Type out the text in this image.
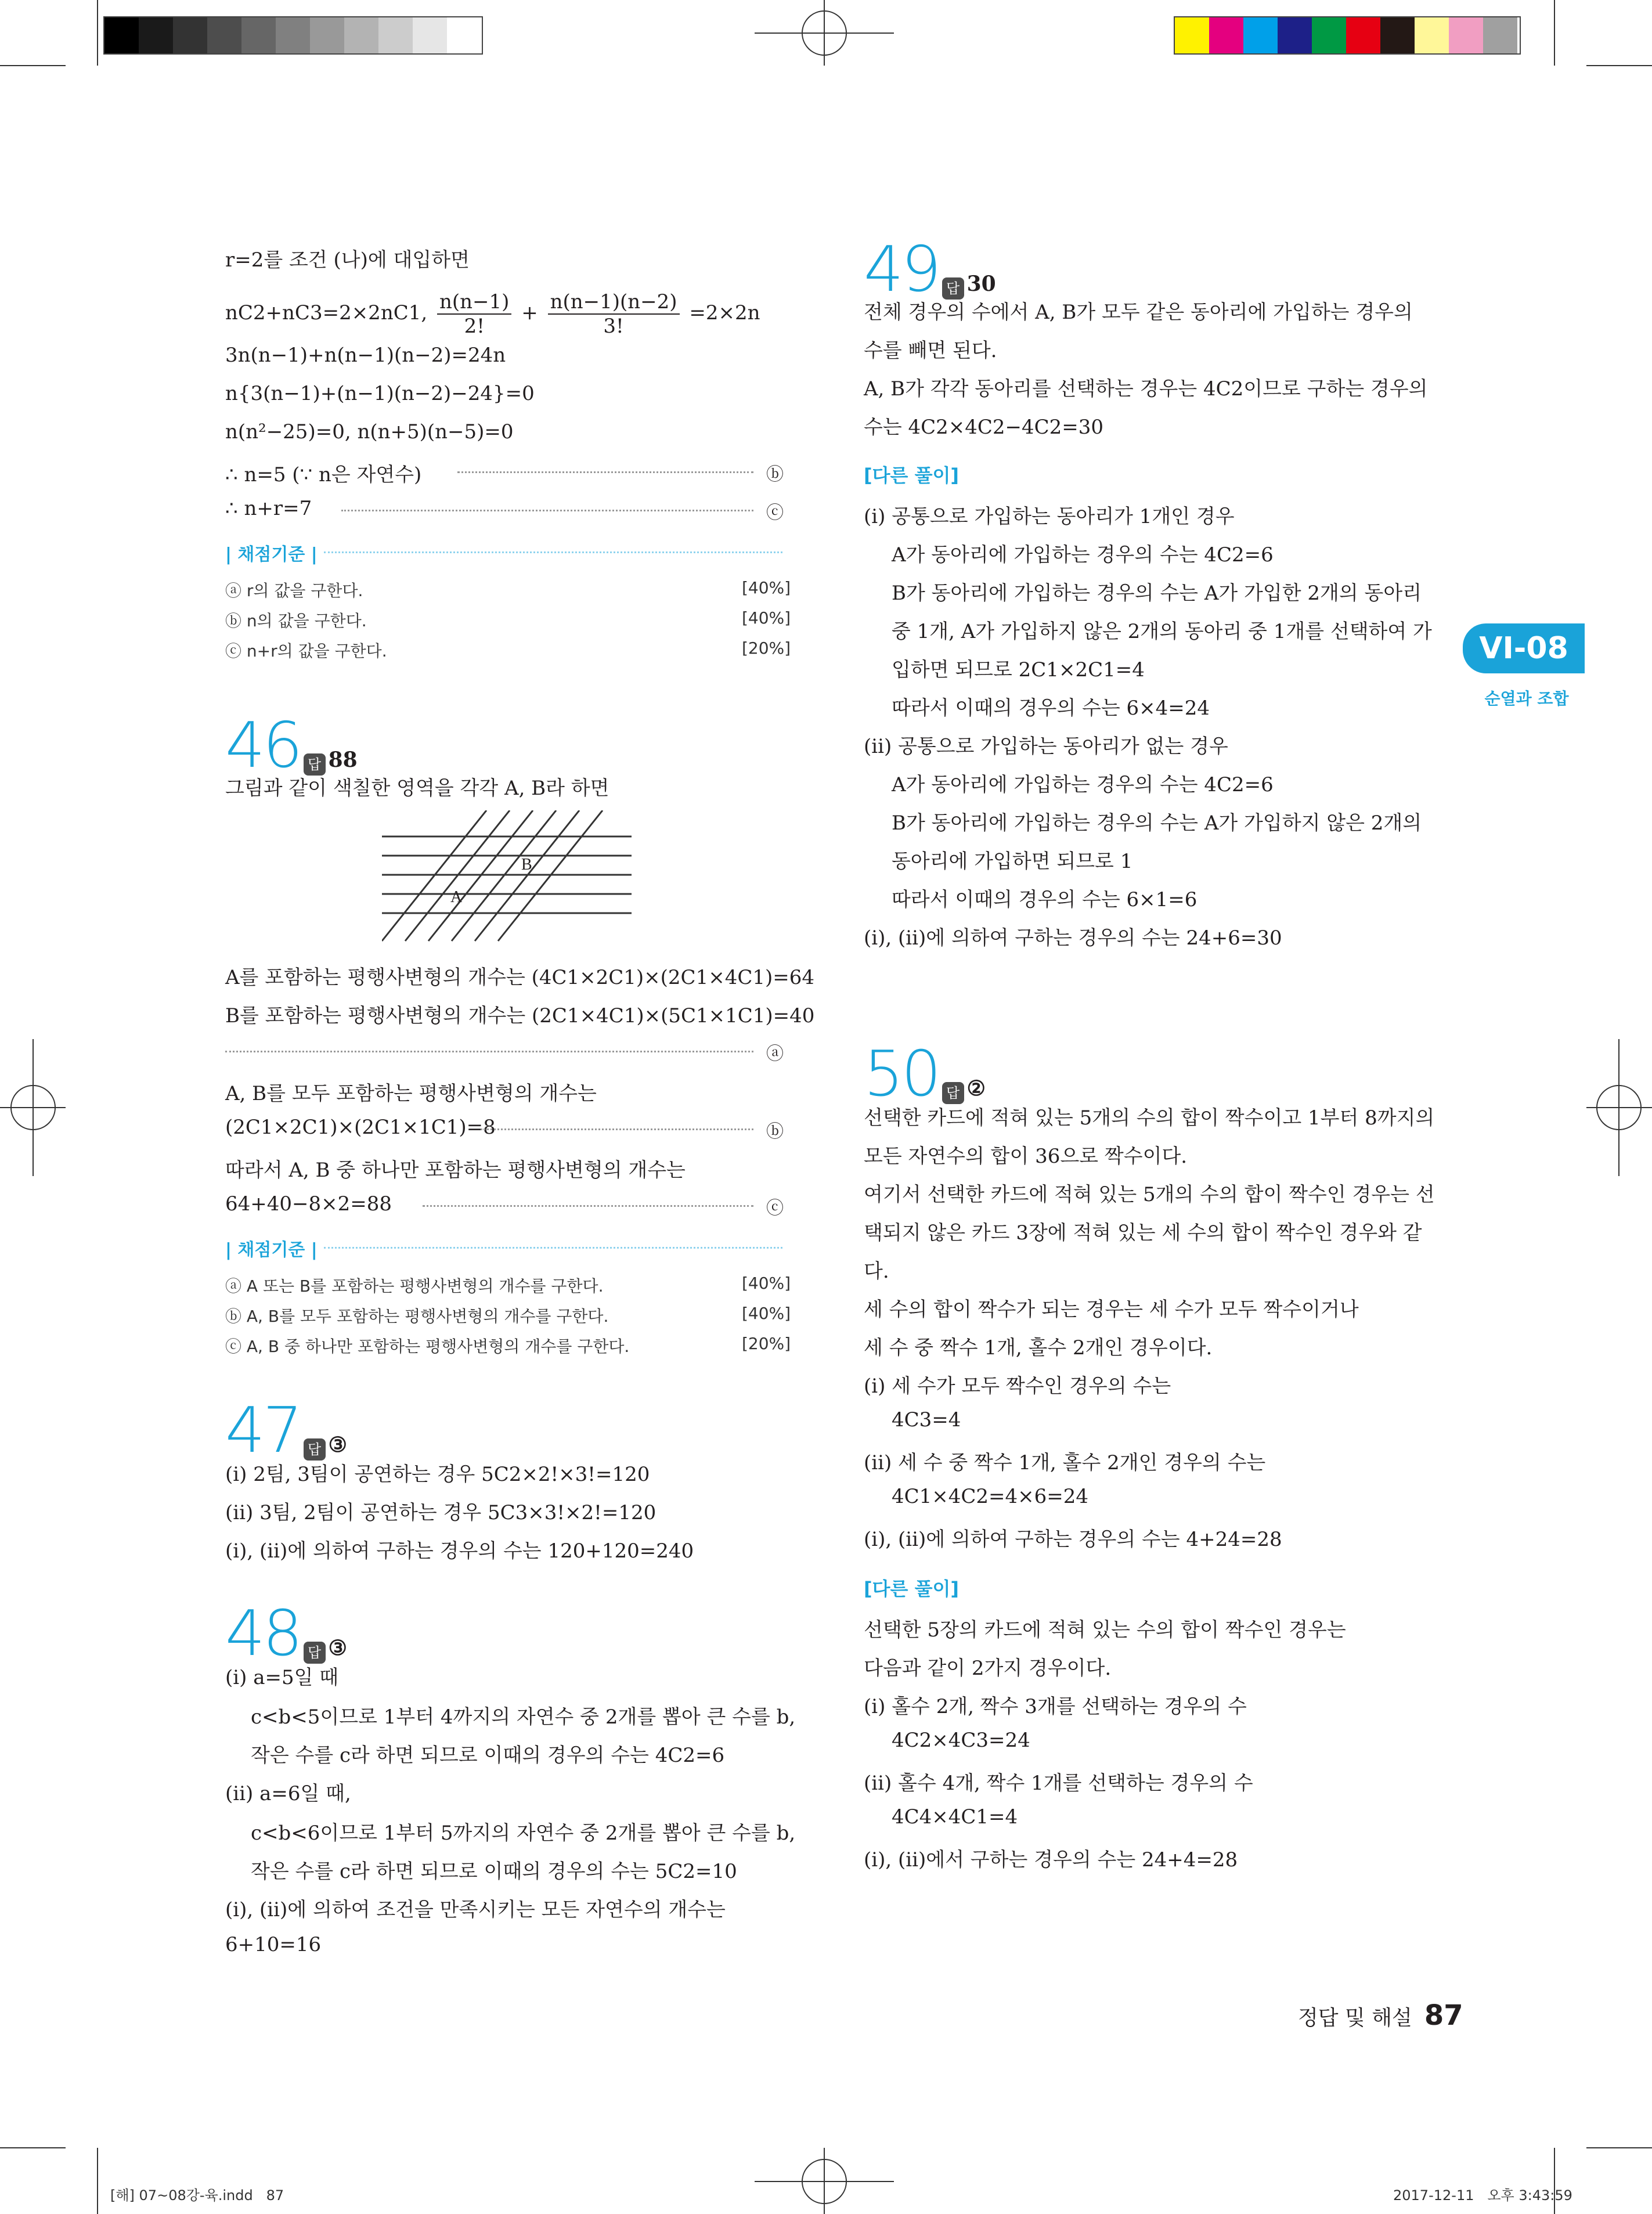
VI-08
순열과 조합
r=2를 조건 (나)에 대입하면
nC2+nC3=2×2nC1, $\frac{n(n-1)}{2!} + \frac{n(n-1)(n-2)}{3!} =2\times 2n$
3n(n−1)+n(n−1)(n−2)=24n
n{3(n−1)+(n−1)(n−2)−24}=0
n(n²−25)=0, n(n+5)(n−5)=0
∴ n=5 (∵ n은 자연수)	ⓑ
∴ n+r=7	ⓒ
| 채점기준 |
ⓐ r의 값을 구한다.	[40%]
ⓑ n의 값을 구한다.	[40%]
ⓒ n+r의 값을 구한다.	[20%]
46 답 88
그림과 같이 색칠한 영역을 각각 A, B라 하면
A
B
A를 포함하는 평행사변형의 개수는 (4C1×2C1)×(2C1×4C1)=64
B를 포함하는 평행사변형의 개수는 (2C1×4C1)×(5C1×1C1)=40
ⓐ
A, B를 모두 포함하는 평행사변형의 개수는
(2C1×2C1)×(2C1×1C1)=8	ⓑ
따라서 A, B 중 하나만 포함하는 평행사변형의 개수는
64+40−8×2=88	ⓒ
| 채점기준 |
ⓐ A 또는 B를 포함하는 평행사변형의 개수를 구한다.	[40%]
ⓑ A, B를 모두 포함하는 평행사변형의 개수를 구한다.	[40%]
ⓒ A, B 중 하나만 포함하는 평행사변형의 개수를 구한다.	[20%]
47 답 ③
(ⅰ) 2팀, 3팀이 공연하는 경우 5C2×2!×3!=120
(ⅱ) 3팀, 2팀이 공연하는 경우 5C3×3!×2!=120
(ⅰ), (ⅱ)에 의하여 구하는 경우의 수는 120+120=240
48 답 ③
(ⅰ) a=5일 때
c<b<5이므로 1부터 4까지의 자연수 중 2개를 뽑아 큰 수를 b,
작은 수를 c라 하면 되므로 이때의 경우의 수는 4C2=6
(ⅱ) a=6일 때,
c<b<6이므로 1부터 5까지의 자연수 중 2개를 뽑아 큰 수를 b,
작은 수를 c라 하면 되므로 이때의 경우의 수는 5C2=10
(ⅰ), (ⅱ)에 의하여 조건을 만족시키는 모든 자연수의 개수는
6+10=16
49 답 30
전체 경우의 수에서 A, B가 모두 같은 동아리에 가입하는 경우의
수를 빼면 된다.
A, B가 각각 동아리를 선택하는 경우는 4C2이므로 구하는 경우의
수는 4C2×4C2−4C2=30
[다른 풀이]
(ⅰ) 공통으로 가입하는 동아리가 1개인 경우
A가 동아리에 가입하는 경우의 수는 4C2=6
B가 동아리에 가입하는 경우의 수는 A가 가입한 2개의 동아리
중 1개, A가 가입하지 않은 2개의 동아리 중 1개를 선택하여 가
입하면 되므로 2C1×2C1=4
따라서 이때의 경우의 수는 6×4=24
(ⅱ) 공통으로 가입하는 동아리가 없는 경우
A가 동아리에 가입하는 경우의 수는 4C2=6
B가 동아리에 가입하는 경우의 수는 A가 가입하지 않은 2개의
동아리에 가입하면 되므로 1
따라서 이때의 경우의 수는 6×1=6
(ⅰ), (ⅱ)에 의하여 구하는 경우의 수는 24+6=30
50 답 ②
선택한 카드에 적혀 있는 5개의 수의 합이 짝수이고 1부터 8까지의
모든 자연수의 합이 36으로 짝수이다.
여기서 선택한 카드에 적혀 있는 5개의 수의 합이 짝수인 경우는 선
택되지 않은 카드 3장에 적혀 있는 세 수의 합이 짝수인 경우와 같
다.
세 수의 합이 짝수가 되는 경우는 세 수가 모두 짝수이거나
세 수 중 짝수 1개, 홀수 2개인 경우이다.
(ⅰ) 세 수가 모두 짝수인 경우의 수는
4C3=4
(ⅱ) 세 수 중 짝수 1개, 홀수 2개인 경우의 수는
4C1×4C2=4×6=24
(ⅰ), (ⅱ)에 의하여 구하는 경우의 수는 4+24=28
[다른 풀이]
선택한 5장의 카드에 적혀 있는 수의 합이 짝수인 경우는
다음과 같이 2가지 경우이다.
(ⅰ) 홀수 2개, 짝수 3개를 선택하는 경우의 수
4C2×4C3=24
(ⅱ) 홀수 4개, 짝수 1개를 선택하는 경우의 수
4C4×4C1=4
(ⅰ), (ⅱ)에서 구하는 경우의 수는 24+4=28
정답 및 해설 87
[해] 07~08강-육.indd   87	2017-12-11   오후 3:43:59
